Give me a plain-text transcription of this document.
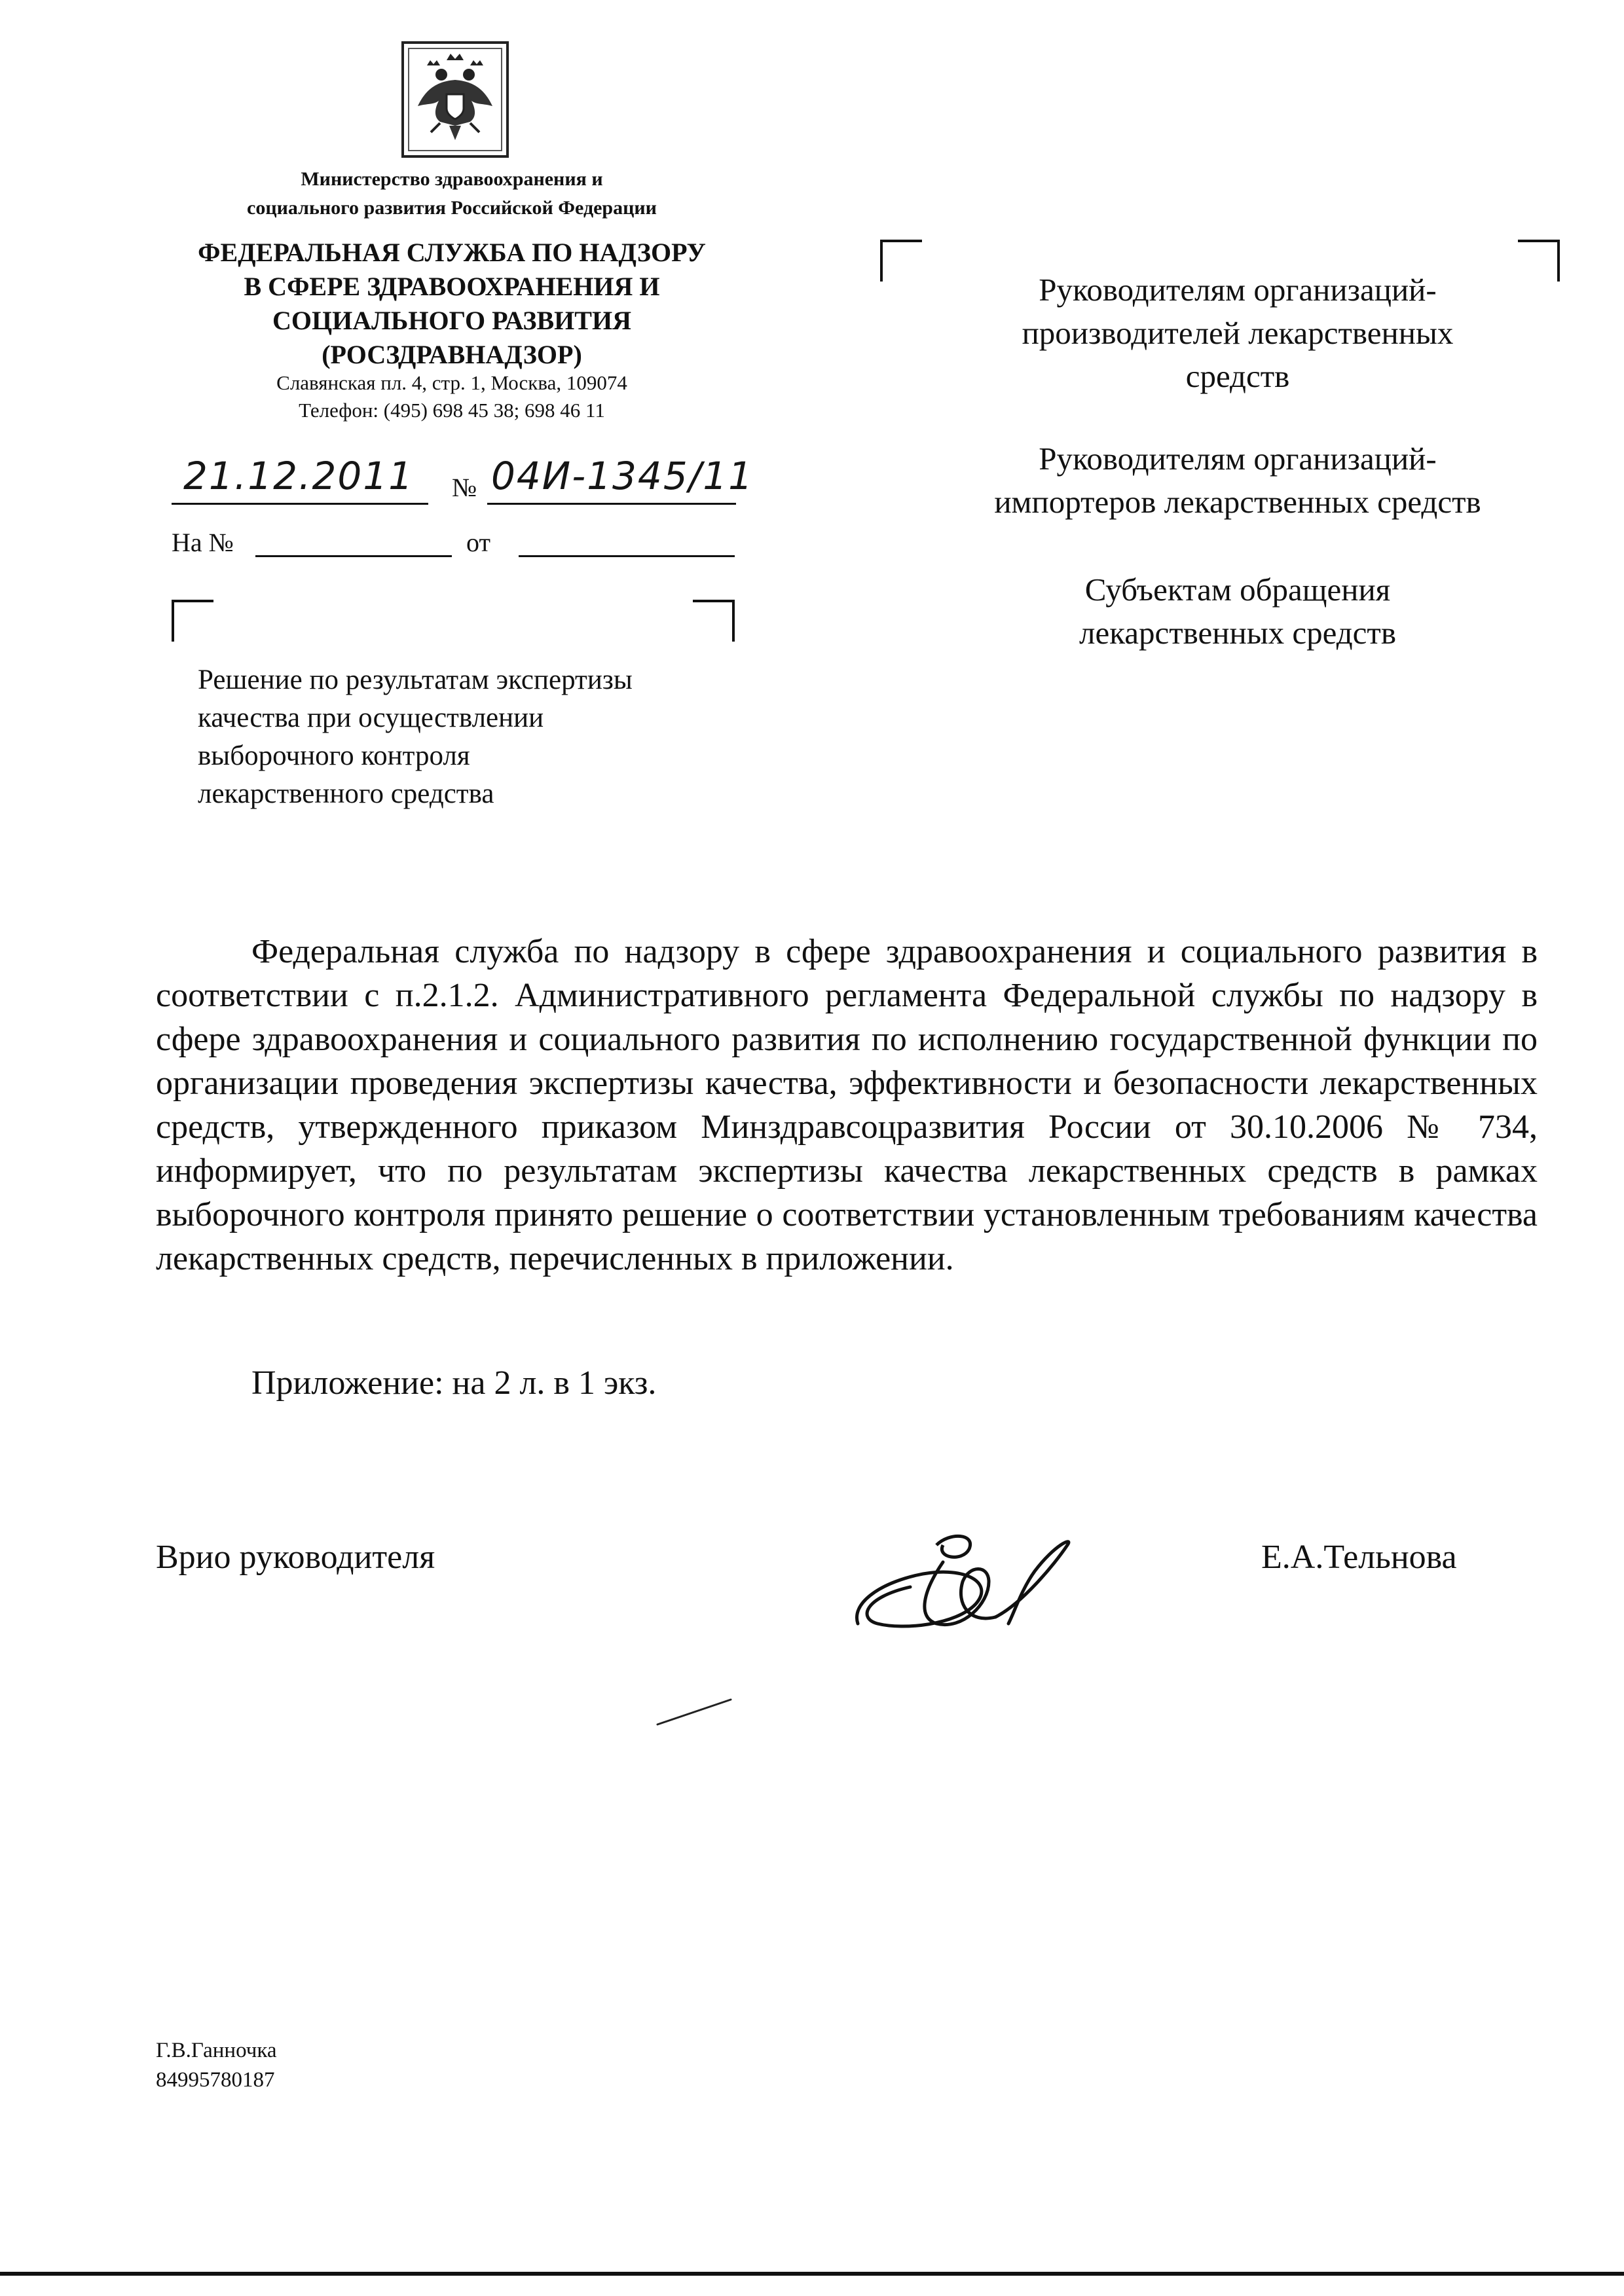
Министерство здравоохранения и
социального развития Российской Федерации
ФЕДЕРАЛЬНАЯ СЛУЖБА ПО НАДЗОРУ
В СФЕРЕ ЗДРАВООХРАНЕНИЯ И
СОЦИАЛЬНОГО РАЗВИТИЯ
(РОСЗДРАВНАДЗОР)
Славянская пл. 4, стр. 1, Москва, 109074
Телефон: (495) 698 45 38; 698 46 11
21.12.2011 № 04И-1345/11
На №	от
Решение по результатам экспертизы
качества при осуществлении
выборочного контроля
лекарственного средства
Руководителям организаций-
производителей лекарственных
средств
Руководителям организаций-
импортеров лекарственных средств
Субъектам обращения
лекарственных средств
Федеральная служба по надзору в сфере здравоохранения и социального развития в соответствии с п.2.1.2. Административного регламента Федеральной службы по надзору в сфере здравоохранения и социального развития по исполнению государственной функции по организации проведения экспертизы качества, эффективности и безопасности лекарственных средств, утвержденного приказом Минздравсоцразвития России от 30.10.2006 № 734, информирует, что по результатам экспертизы качества лекарственных средств в рамках выборочного контроля принято решение о соответствии установленным требованиям качества лекарственных средств, перечисленных в приложении.
Приложение: на 2 л. в 1 экз.
Врио руководителя	Е.А.Тельнова
Г.В.Ганночка
84995780187
